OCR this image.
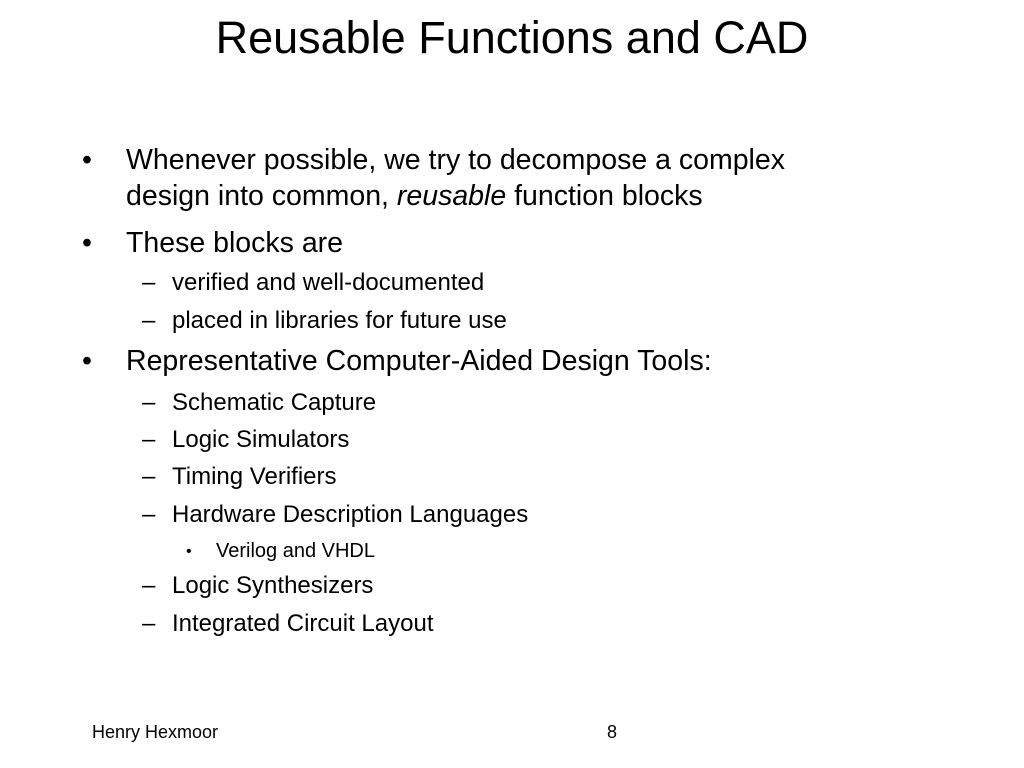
Reusable Functions and CAD
•	Whenever possible, we try to decompose a complex
design into common, reusable function blocks
•	These blocks are
– verified and well-documented
– placed in libraries for future use
•	Representative Computer-Aided Design Tools:
– Schematic Capture
– Logic Simulators
– Timing Verifiers
– Hardware Description Languages
•	Verilog and VHDL
– Logic Synthesizers
– Integrated Circuit Layout
Henry Hexmoor	8
